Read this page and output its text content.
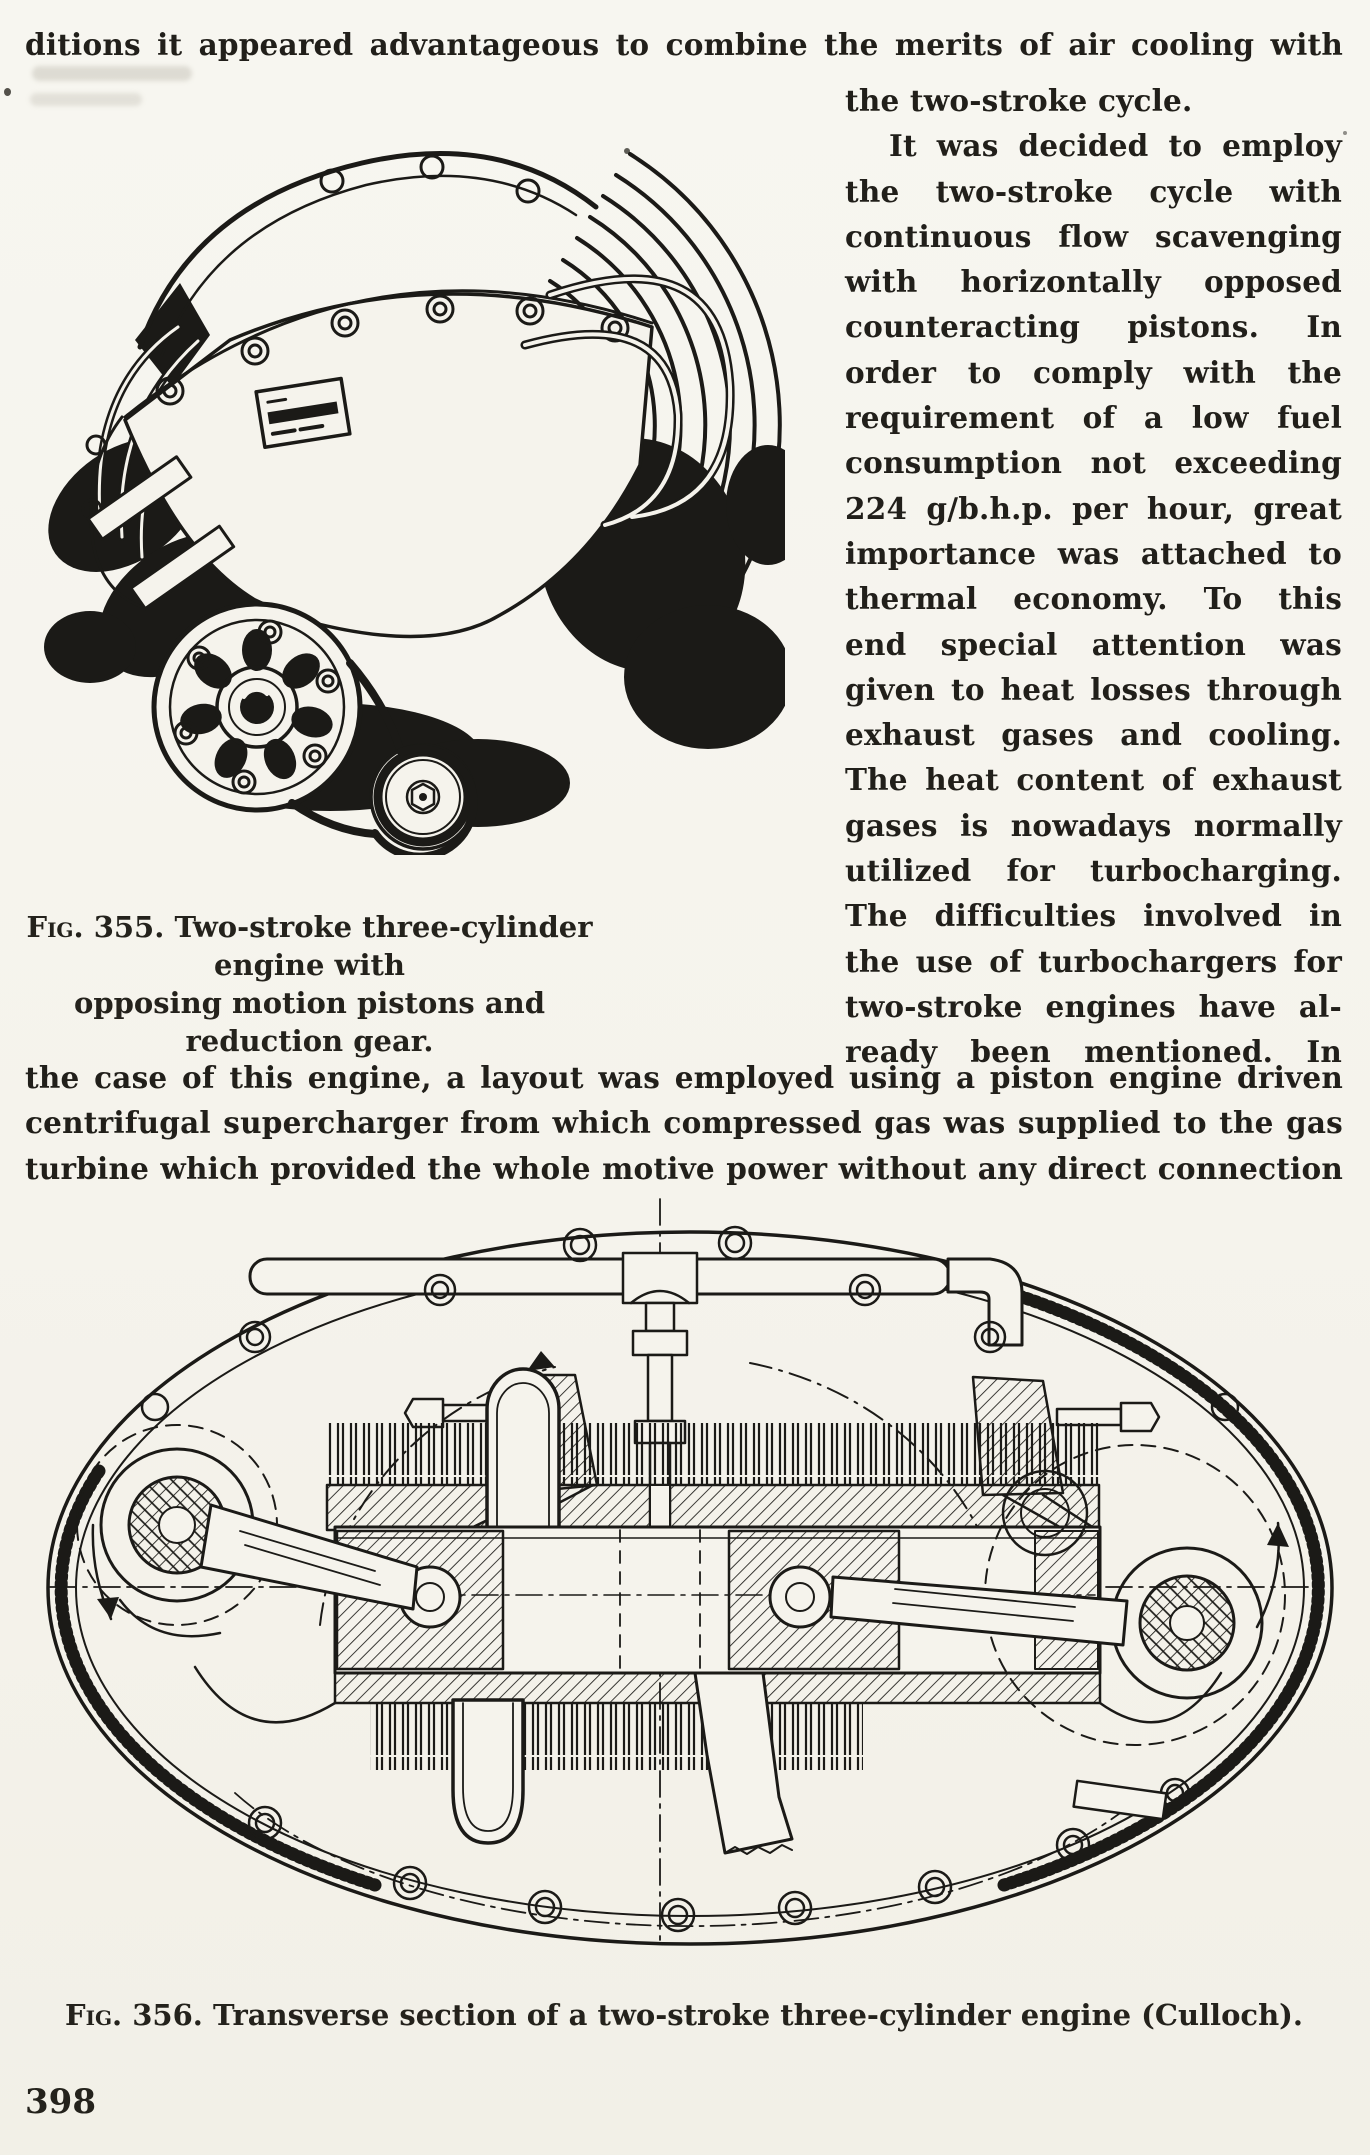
ditions it appeared advantageous to combine the merits of air cooling with
the two-stroke cycle.
It was decided to employ
the two-stroke cycle with
continuous flow scavenging
with horizontally opposed
counteracting pistons. In
order to comply with the
requirement of a low fuel
consumption not exceeding
224 g/b.h.p. per hour, great
importance was attached to
thermal economy. To this
end special attention was
given to heat losses through
exhaust gases and cooling.
The heat content of exhaust
gases is nowadays normally
utilized for turbocharging.
The difficulties involved in
the use of turbochargers for
two-stroke engines have al-
ready been mentioned. In
the case of this engine, a layout was employed using a piston engine driven
centrifugal supercharger from which compressed gas was supplied to the gas
turbine which provided the whole motive power without any direct connection
Fig. 355. Two-stroke three-cylinder engine with
opposing motion pistons and reduction gear.
Fig. 356. Transverse section of a two-stroke three-cylinder engine (Culloch).
398
